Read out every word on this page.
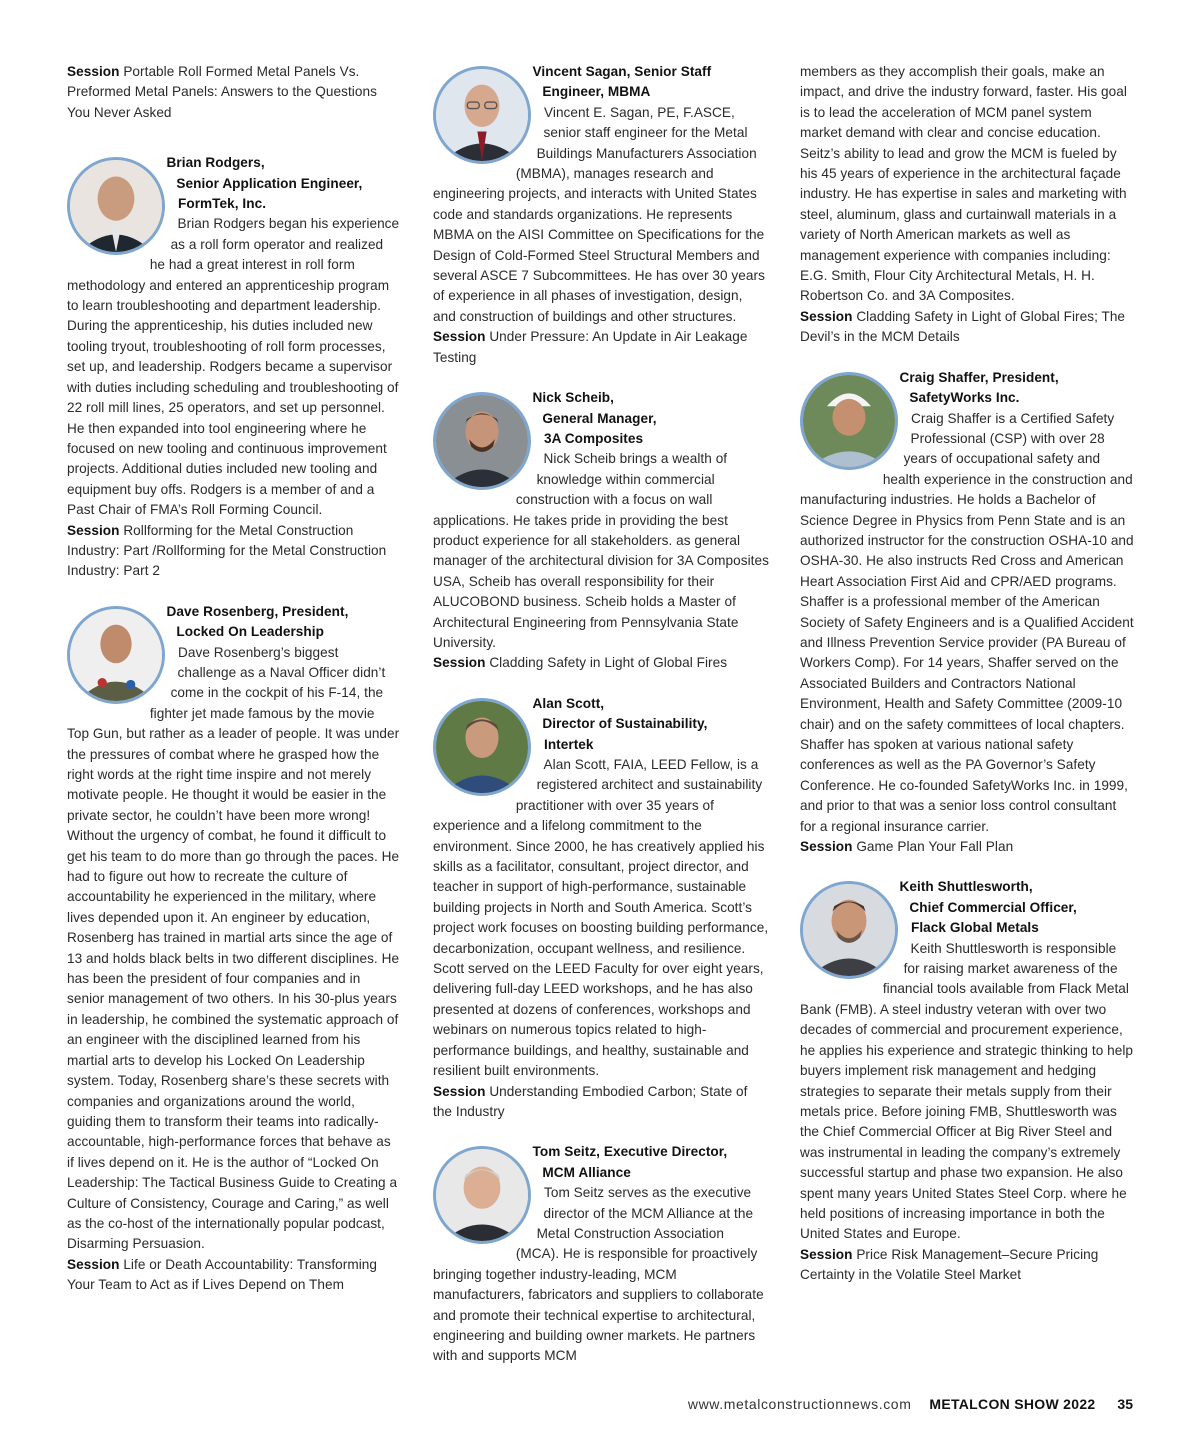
Session Portable Roll Formed Metal Panels Vs. Preformed Metal Panels: Answers to the Questions You Never Asked

Brian Rodgers,
Senior Application Engineer,
FormTek, Inc.

Brian Rodgers began his experience as a roll form operator and realized he had a great interest in roll form methodology and entered an apprenticeship program to learn troubleshooting and department leadership. During the apprenticeship, his duties included new tooling tryout, troubleshooting of roll form processes, set up, and leadership. Rodgers became a supervisor with duties including scheduling and troubleshooting of 22 roll mill lines, 25 operators, and set up personnel. He then expanded into tool engineering where he focused on new tooling and continuous improvement projects. Additional duties included new tooling and equipment buy offs. Rodgers is a member of and a Past Chair of FMA’s Roll Forming Council.

Session Rollforming for the Metal Construction Industry: Part /Rollforming for the Metal Construction Industry: Part 2

Dave Rosenberg, President,
Locked On Leadership

Dave Rosenberg’s biggest challenge as a Naval Officer didn’t come in the cockpit of his F-14, the fighter jet made famous by the movie Top Gun, but rather as a leader of people. It was under the pressures of combat where he grasped how the right words at the right time inspire and not merely motivate people. He thought it would be easier in the private sector, he couldn’t have been more wrong! Without the urgency of combat, he found it difficult to get his team to do more than go through the paces. He had to figure out how to recreate the culture of accountability he experienced in the military, where lives depended upon it. An engineer by education, Rosenberg has trained in martial arts since the age of 13 and holds black belts in two different disciplines. He has been the president of four companies and in senior management of two others. In his 30-plus years in leadership, he combined the systematic approach of an engineer with the disciplined learned from his martial arts to develop his Locked On Leadership system. Today, Rosenberg share’s these secrets with companies and organizations around the world, guiding them to transform their teams into radically-accountable, high-performance forces that behave as if lives depend on it. He is the author of “Locked On Leadership: The Tactical Business Guide to Creating a Culture of Consistency, Courage and Caring,” as well as the co-host of the internationally popular podcast, Disarming Persuasion.

Session Life or Death Accountability: Transforming Your Team to Act as if Lives Depend on Them

Vincent Sagan, Senior Staff
Engineer, MBMA

Vincent E. Sagan, PE, F.ASCE, senior staff engineer for the Metal Buildings Manufacturers Association (MBMA), manages research and engineering projects, and interacts with United States code and standards organizations. He represents MBMA on the AISI Committee on Specifications for the Design of Cold-Formed Steel Structural Members and several ASCE 7 Subcommittees. He has over 30 years of experience in all phases of investigation, design, and construction of buildings and other structures.

Session Under Pressure: An Update in Air Leakage Testing

Nick Scheib,
General Manager,
3A Composites

Nick Scheib brings a wealth of knowledge within commercial construction with a focus on wall applications. He takes pride in providing the best product experience for all stakeholders. as general manager of the architectural division for 3A Composites USA, Scheib has overall responsibility for their ALUCOBOND business. Scheib holds a Master of Architectural Engineering from Pennsylvania State University.

Session Cladding Safety in Light of Global Fires

Alan Scott,
Director of Sustainability,
Intertek

Alan Scott, FAIA, LEED Fellow, is a registered architect and sustainability practitioner with over 35 years of experience and a lifelong commitment to the environment. Since 2000, he has creatively applied his skills as a facilitator, consultant, project director, and teacher in support of high-performance, sustainable building projects in North and South America. Scott’s project work focuses on boosting building performance, decarbonization, occupant wellness, and resilience. Scott served on the LEED Faculty for over eight years, delivering full-day LEED workshops, and he has also presented at dozens of conferences, workshops and webinars on numerous topics related to high-performance buildings, and healthy, sustainable and resilient built environments.

Session Understanding Embodied Carbon; State of the Industry

Tom Seitz, Executive Director,
MCM Alliance

Tom Seitz serves as the executive director of the MCM Alliance at the Metal Construction Association (MCA). He is responsible for proactively bringing together industry-leading, MCM manufacturers, fabricators and suppliers to collaborate and promote their technical expertise to architectural, engineering and building owner markets. He partners with and supports MCM

members as they accomplish their goals, make an impact, and drive the industry forward, faster. His goal is to lead the acceleration of MCM panel system market demand with clear and concise education. Seitz’s ability to lead and grow the MCM is fueled by his 45 years of experience in the architectural façade industry. He has expertise in sales and marketing with steel, aluminum, glass and curtainwall materials in a variety of North American markets as well as management experience with companies including: E.G. Smith, Flour City Architectural Metals, H. H. Robertson Co. and 3A Composites.

Session Cladding Safety in Light of Global Fires; The Devil’s in the MCM Details

Craig Shaffer, President,
SafetyWorks Inc.

Craig Shaffer is a Certified Safety Professional (CSP) with over 28 years of occupational safety and health experience in the construction and manufacturing industries. He holds a Bachelor of Science Degree in Physics from Penn State and is an authorized instructor for the construction OSHA-10 and OSHA-30. He also instructs Red Cross and American Heart Association First Aid and CPR/AED programs. Shaffer is a professional member of the American Society of Safety Engineers and is a Qualified Accident and Illness Prevention Service provider (PA Bureau of Workers Comp). For 14 years, Shaffer served on the Associated Builders and Contractors National Environment, Health and Safety Committee (2009-10 chair) and on the safety committees of local chapters. Shaffer has spoken at various national safety conferences as well as the PA Governor’s Safety Conference. He co-founded SafetyWorks Inc. in 1999, and prior to that was a senior loss control consultant for a regional insurance carrier.

Session Game Plan Your Fall Plan

Keith Shuttlesworth,
Chief Commercial Officer,
Flack Global Metals

Keith Shuttlesworth is responsible for raising market awareness of the financial tools available from Flack Metal Bank (FMB). A steel industry veteran with over two decades of commercial and procurement experience, he applies his experience and strategic thinking to help buyers implement risk management and hedging strategies to separate their metals supply from their metals price. Before joining FMB, Shuttlesworth was the Chief Commercial Officer at Big River Steel and was instrumental in leading the company’s extremely successful startup and phase two expansion. He also spent many years United States Steel Corp. where he held positions of increasing importance in both the United States and Europe.

Session Price Risk Management–Secure Pricing Certainty in the Volatile Steel Market

www.metalconstructionnews.com METALCON SHOW 2022 35
